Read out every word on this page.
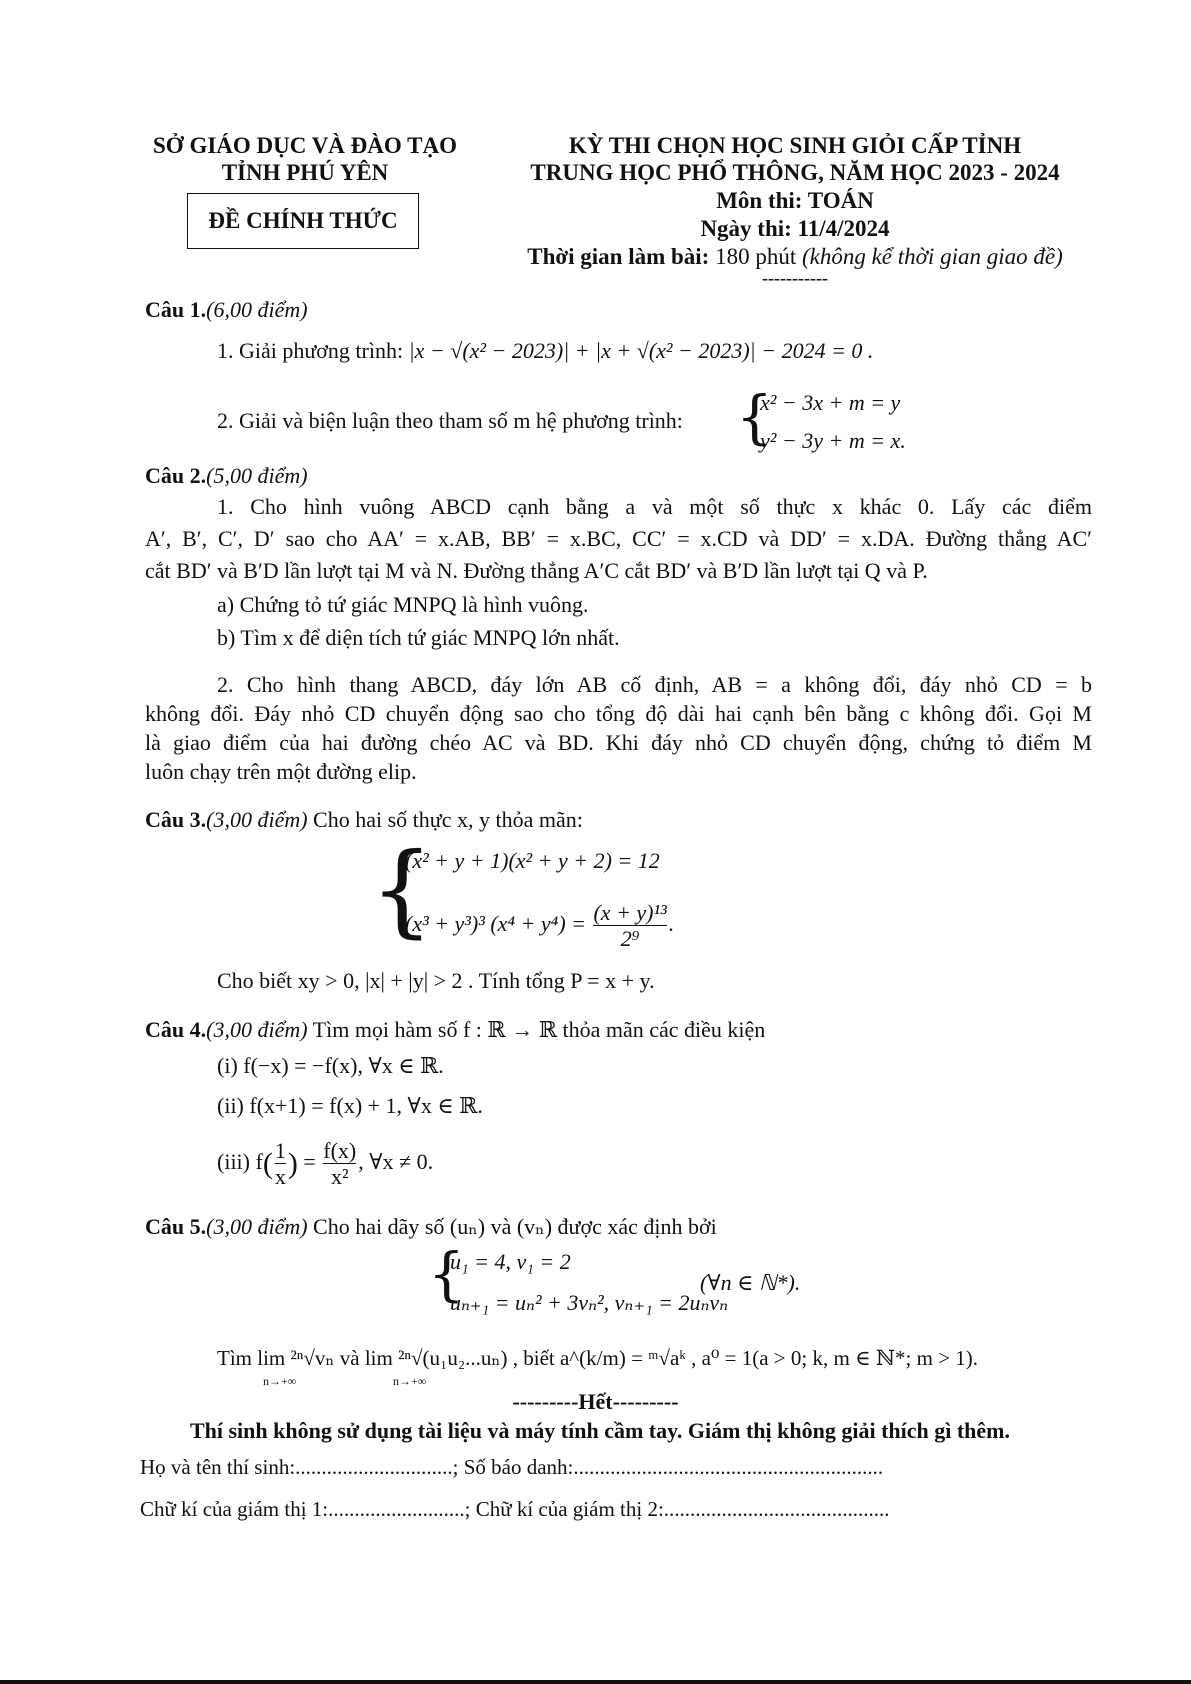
SỞ GIÁO DỤC VÀ ĐÀO TẠO
TỈNH PHÚ YÊN
ĐỀ CHÍNH THỨC
KỲ THI CHỌN HỌC SINH GIỎI CẤP TỈNH
TRUNG HỌC PHỔ THÔNG, NĂM HỌC 2023 - 2024
Môn thi: TOÁN
Ngày thi: 11/4/2024
Thời gian làm bài: 180 phút (không kể thời gian giao đề)
-----------
Câu 1.(6,00 điểm)
1. Giải phương trình: |x − √(x² − 2023)| + |x + √(x² − 2023)| − 2024 = 0 .
2. Giải và biện luận theo tham số m hệ phương trình: {
x² − 3x + m = y
y² − 3y + m = x.
Câu 2.(5,00 điểm)
1. Cho hình vuông ABCD cạnh bằng a và một số thực x khác 0. Lấy các điểm
A′, B′, C′, D′ sao cho AA′ = x.AB, BB′ = x.BC, CC′ = x.CD và DD′ = x.DA. Đường thẳng AC′
cắt BD′ và B′D lần lượt tại M và N. Đường thẳng A′C cắt BD′ và B′D lần lượt tại Q và P.
a) Chứng tỏ tứ giác MNPQ là hình vuông.
b) Tìm x để diện tích tứ giác MNPQ lớn nhất.
2. Cho hình thang ABCD, đáy lớn AB cố định, AB = a không đổi, đáy nhỏ CD = b
không đổi. Đáy nhỏ CD chuyển động sao cho tổng độ dài hai cạnh bên bằng c không đổi. Gọi M
là giao điểm của hai đường chéo AC và BD. Khi đáy nhỏ CD chuyển động, chứng tỏ điểm M
luôn chạy trên một đường elip.
Câu 3.(3,00 điểm) Cho hai số thực x, y thỏa mãn:
{
(x² + y + 1)(x² + y + 2) = 12
(x³ + y³)³ $(x^4 + y^4) = \frac{\text{(x + y)¹³}}{\text{2⁹}}$ .
Cho biết xy > 0, |x| + |y| > 2 . Tính tổng P = x + y.
Câu 4.(3,00 điểm) Tìm mọi hàm số f : ℝ → ℝ thỏa mãn các điều kiện
(i) f(−x) = −f(x), ∀x ∈ ℝ.
(ii) f(x+1) = f(x) + 1, ∀x ∈ ℝ.
(iii) $f( \frac{1}{x}$ ) = $\frac{f(x)}{\text{x²}}$ , ∀x ≠ 0.
Câu 5.(3,00 điểm) Cho hai dãy số (uₙ) và (vₙ) được xác định bởi
{
u₁ = 4, v₁ = 2
uₙ₊₁ = uₙ² + 3vₙ², vₙ₊₁ = 2uₙvₙ
(∀n ∈ ℕ*).
Tìm lim ²ⁿ√vₙ và lim ²ⁿ√(u₁u₂...uₙ) , biết a^(k/m) = ᵐ√aᵏ , a⁰ = 1(a > 0; k, m ∈ ℕ*; m > 1).
n→+∞	n→+∞
---------Hết---------
Thí sinh không sử dụng tài liệu và máy tính cầm tay. Giám thị không giải thích gì thêm.
Họ và tên thí sinh:..............................; Số báo danh:...........................................................
Chữ kí của giám thị 1:..........................; Chữ kí của giám thị 2:...........................................
